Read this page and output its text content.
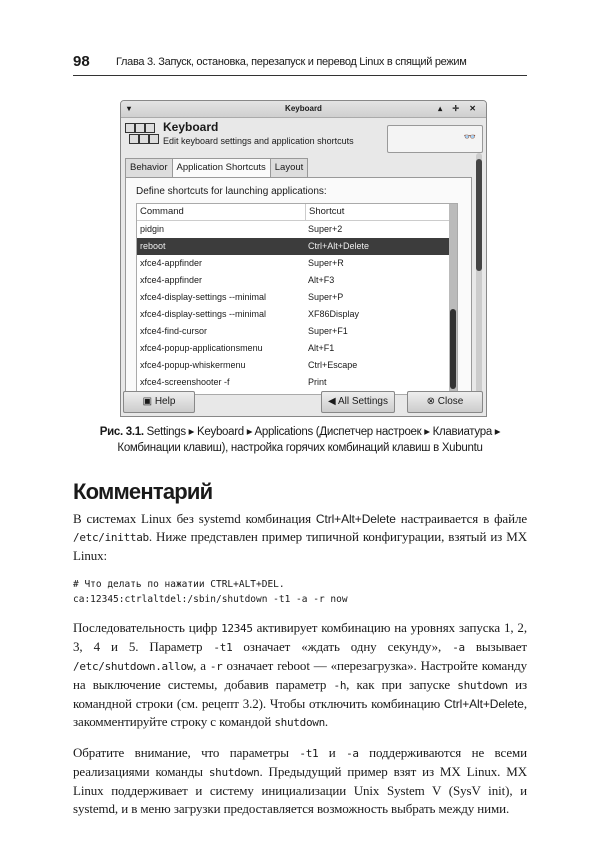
98 Глава 3. Запуск, остановка, перезапуск и перевод Linux в спящий режим
▾	Keyboard	▴ ✛ ✕
Keyboard
Edit keyboard settings and application shortcuts	👓
Behavior Application Shortcuts Layout
Define shortcuts for launching applications:
Command	Shortcut
pidgin	Super+2
reboot	Ctrl+Alt+Delete
xfce4-appfinder	Super+R
xfce4-appfinder	Alt+F3
xfce4-display-settings --minimal	Super+P
xfce4-display-settings --minimal	XF86Display
xfce4-find-cursor	Super+F1
xfce4-popup-applicationsmenu	Alt+F1
xfce4-popup-whiskermenu	Ctrl+Escape
xfce4-screenshooter -f	Print
▣ Help	◀ All Settings	⊗ Close
Рис. 3.1. Settings ▸ Keyboard ▸ Applications (Диспетчер настроек ▸ Клавиатура ▸ Комбинации клавиш), настройка горячих комбинаций клавиш в Xubuntu
Комментарий

В системах Linux без systemd комбинация Ctrl+Alt+Delete настраивается в файле /etc/inittab. Ниже представлен пример типичной конфигурации, взятый из MX Linux:

# Что делать по нажатии CTRL+ALT+DEL.
ca:12345:ctrlaltdel:/sbin/shutdown -t1 -a -r now

Последовательность цифр 12345 активирует комбинацию на уровнях запуска 1, 2, 3, 4 и 5. Параметр -t1 означает «ждать одну секунду», -a вызывает /etc/shutdown.allow, а -r означает reboot — «перезагрузка». Настройте команду на выключение системы, добавив параметр -h, как при запуске shutdown из командной строки (см. рецепт 3.2). Чтобы отключить комбинацию Ctrl+Alt+Delete, закомментируйте строку с командой shutdown.

Обратите внимание, что параметры -t1 и -a поддерживаются не всеми реализациями команды shutdown. Предыдущий пример взят из MX Linux. MX Linux поддерживает и систему инициализации Unix System V (SysV init), и systemd, и в меню загрузки предоставляется возможность выбрать между ними.
